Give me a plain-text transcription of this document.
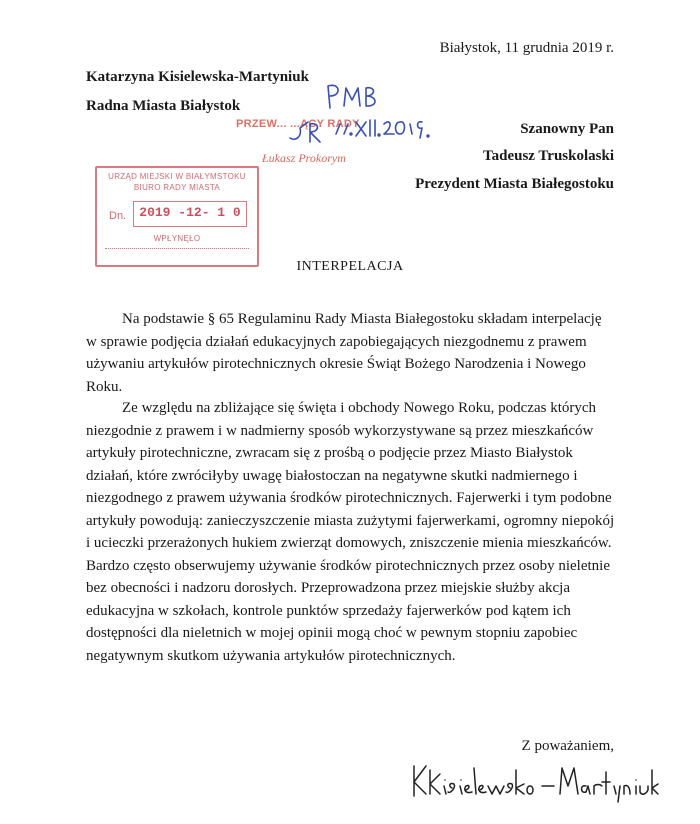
Białystok, 11 grudnia 2019 r.
Katarzyna Kisielewska-Martyniuk
Radna Miasta Białystok
PRZEW... ...ĄCY RADY
Łukasz Prokorym
Szanowny Pan
Tadeusz Truskolaski
Prezydent Miasta Białegostoku
URZĄD MIEJSKI W BIAŁYMSTOKU
BIURO RADY MIASTA
Dn.	2019 -12- 1 0
WPŁYNĘŁO
INTERPELACJA

Na podstawie § 65 Regulaminu Rady Miasta Białegostoku składam interpelację w sprawie podjęcia działań edukacyjnych zapobiegających niezgodnemu z prawem używaniu artykułów pirotechnicznych okresie Świąt Bożego Narodzenia i Nowego Roku.

Ze względu na zbliżające się święta i obchody Nowego Roku, podczas których niezgodnie z prawem i w nadmierny sposób wykorzystywane są przez mieszkańców artykuły pirotechniczne, zwracam się z prośbą o podjęcie przez Miasto Białystok działań, które zwróciłyby uwagę białostoczan na negatywne skutki nadmiernego i niezgodnego z prawem używania środków pirotechnicznych. Fajerwerki i tym podobne artykuły powodują: zanieczyszczenie miasta zużytymi fajerwerkami, ogromny niepokój i ucieczki przerażonych hukiem zwierząt domowych, zniszczenie mienia mieszkańców. Bardzo często obserwujemy używanie środków pirotechnicznych przez osoby nieletnie bez obecności i nadzoru dorosłych. Przeprowadzona przez miejskie służby akcja edukacyjna w szkołach, kontrole punktów sprzedaży fajerwerków pod kątem ich dostępności dla nieletnich w mojej opinii mogą choć w pewnym stopniu zapobiec negatywnym skutkom używania artykułów pirotechnicznych.

Z poważaniem,
